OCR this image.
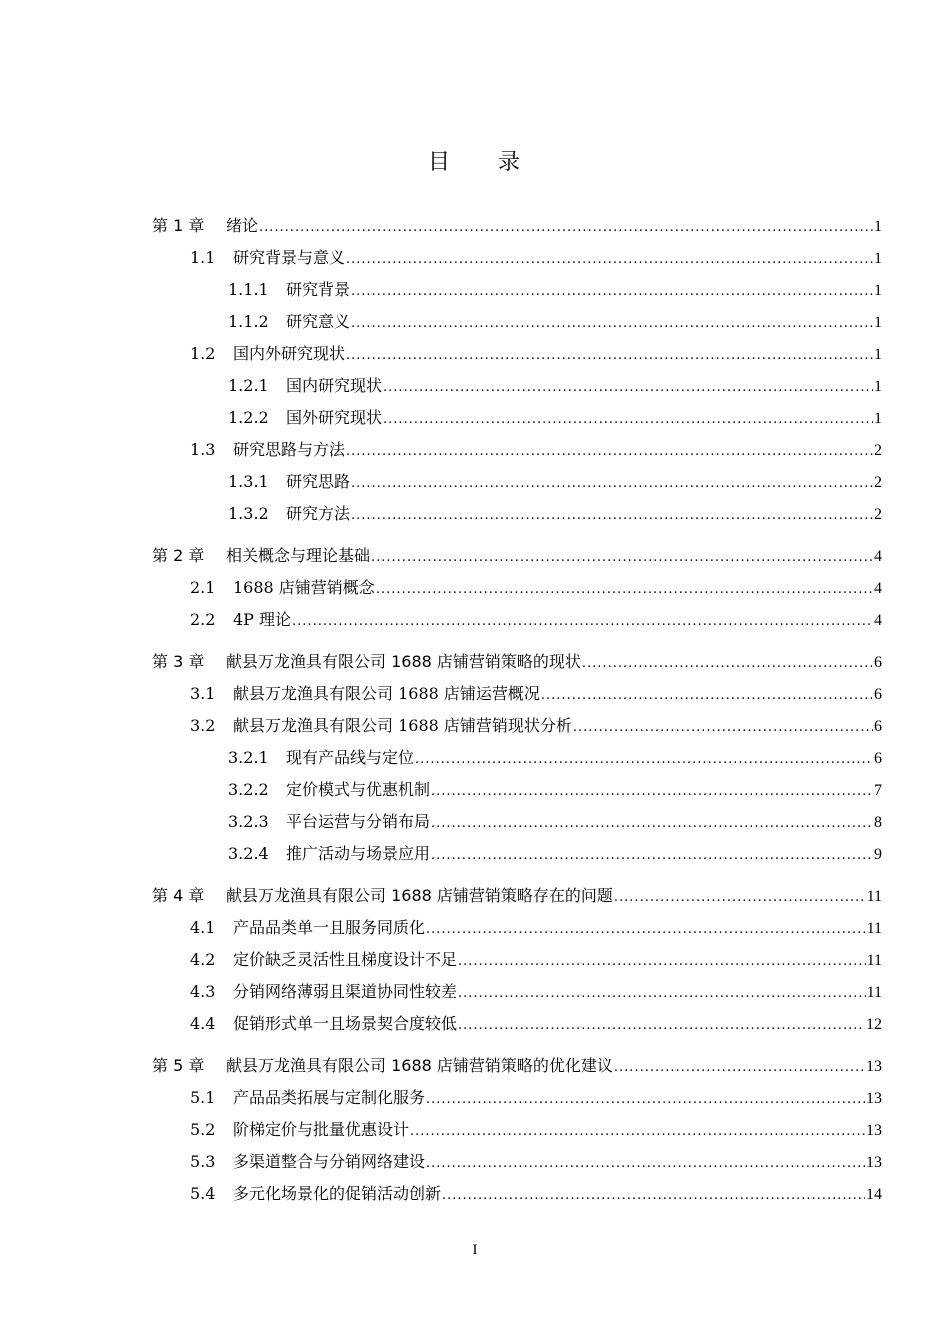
目 录
第 1 章	绪论 .....	1
1.1	研究背景与意义 .....	1
1.1.1	研究背景 .....	1
1.1.2	研究意义 .....	1
1.2	国内外研究现状 .....	1
1.2.1	国内研究现状 .....	1
1.2.2	国外研究现状 .....	1
1.3	研究思路与方法 .....	2
1.3.1	研究思路 .....	2
1.3.2	研究方法 .....	2
第 2 章	相关概念与理论基础 .....	4
2.1	1688 店铺营销概念 .....	4
2.2	4P 理论 .....	4
第 3 章	献县万龙渔具有限公司 1688 店铺营销策略的现状 .....	6
3.1	献县万龙渔具有限公司 1688 店铺运营概况 .....	6
3.2	献县万龙渔具有限公司 1688 店铺营销现状分析 .....	6
3.2.1	现有产品线与定位 .....	6
3.2.2	定价模式与优惠机制 .....	7
3.2.3	平台运营与分销布局 .....	8
3.2.4	推广活动与场景应用 .....	9
第 4 章	献县万龙渔具有限公司 1688 店铺营销策略存在的问题 .....	11
4.1	产品品类单一且服务同质化 .....	11
4.2	定价缺乏灵活性且梯度设计不足 .....	11
4.3	分销网络薄弱且渠道协同性较差 .....	11
4.4	促销形式单一且场景契合度较低 .....	12
第 5 章	献县万龙渔具有限公司 1688 店铺营销策略的优化建议 .....	13
5.1	产品品类拓展与定制化服务 .....	13
5.2	阶梯定价与批量优惠设计 .....	13
5.3	多渠道整合与分销网络建设 .....	13
5.4	多元化场景化的促销活动创新 .....	14
I
